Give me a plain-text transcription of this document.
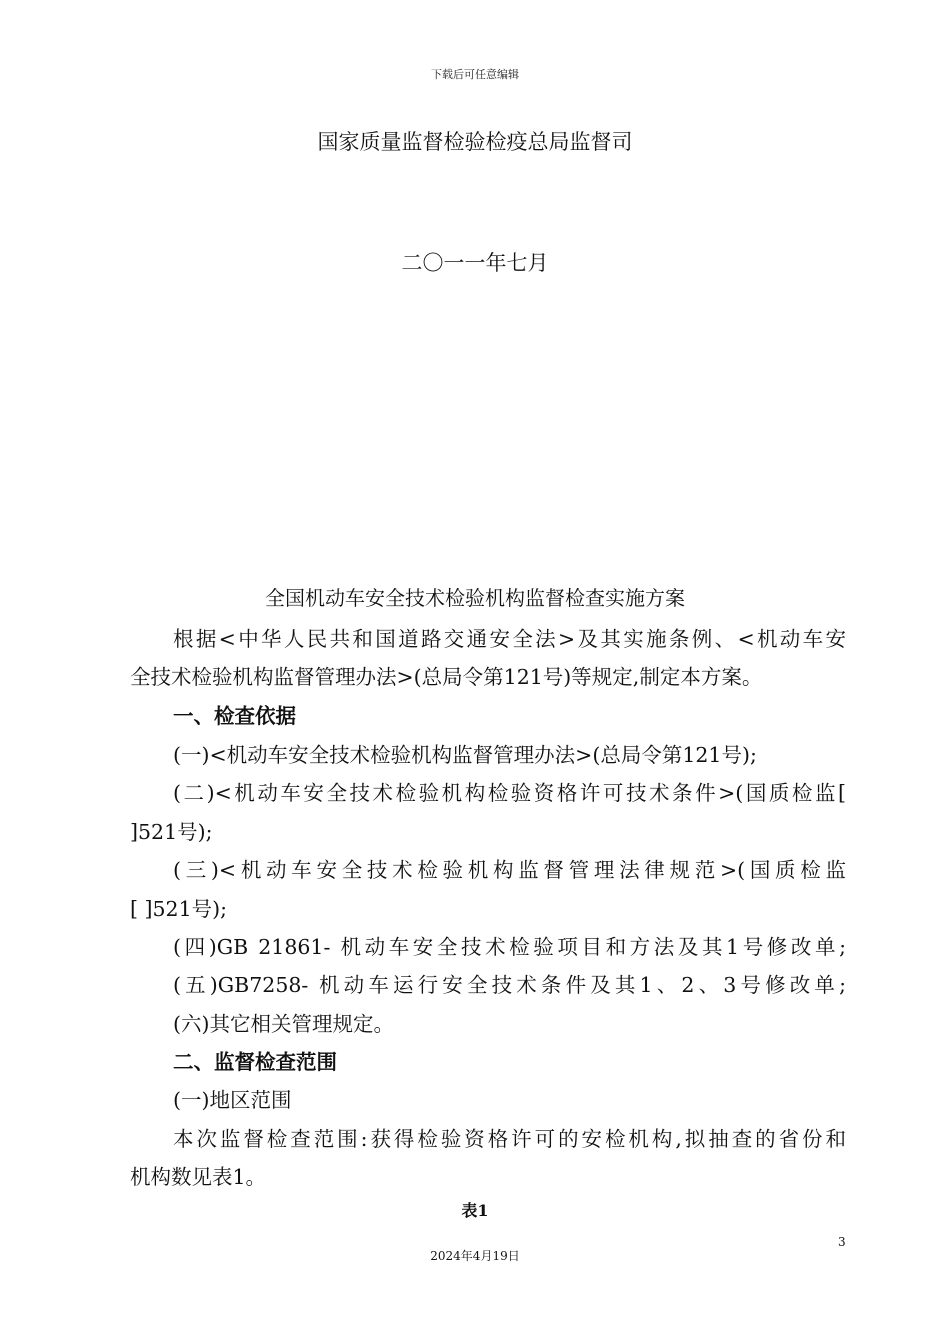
下载后可任意编辑
国家质量监督检验检疫总局监督司
二〇一一年七月
全国机动车安全技术检验机构监督检查实施方案
根据<中华人民共和国道路交通安全法>及其实施条例、<机动车安
全技术检验机构监督管理办法>(总局令第121号)等规定,制定本方案。
一、检查依据
(一)<机动车安全技术检验机构监督管理办法>(总局令第121号);
(二)<机动车安全技术检验机构检验资格许可技术条件>(国质检监[
]521号);
(三)<机动车安全技术检验机构监督管理法律规范>(国质检监
[ ]521号);
(四)GB 21861- 机动车安全技术检验项目和方法及其1号修改单;
(五)GB7258- 机动车运行安全技术条件及其1、2、3号修改单;
(六)其它相关管理规定。
二、监督检查范围
(一)地区范围
本次监督检查范围:获得检验资格许可的安检机构,拟抽查的省份和
机构数见表1。
表1
3
2024年4月19日
